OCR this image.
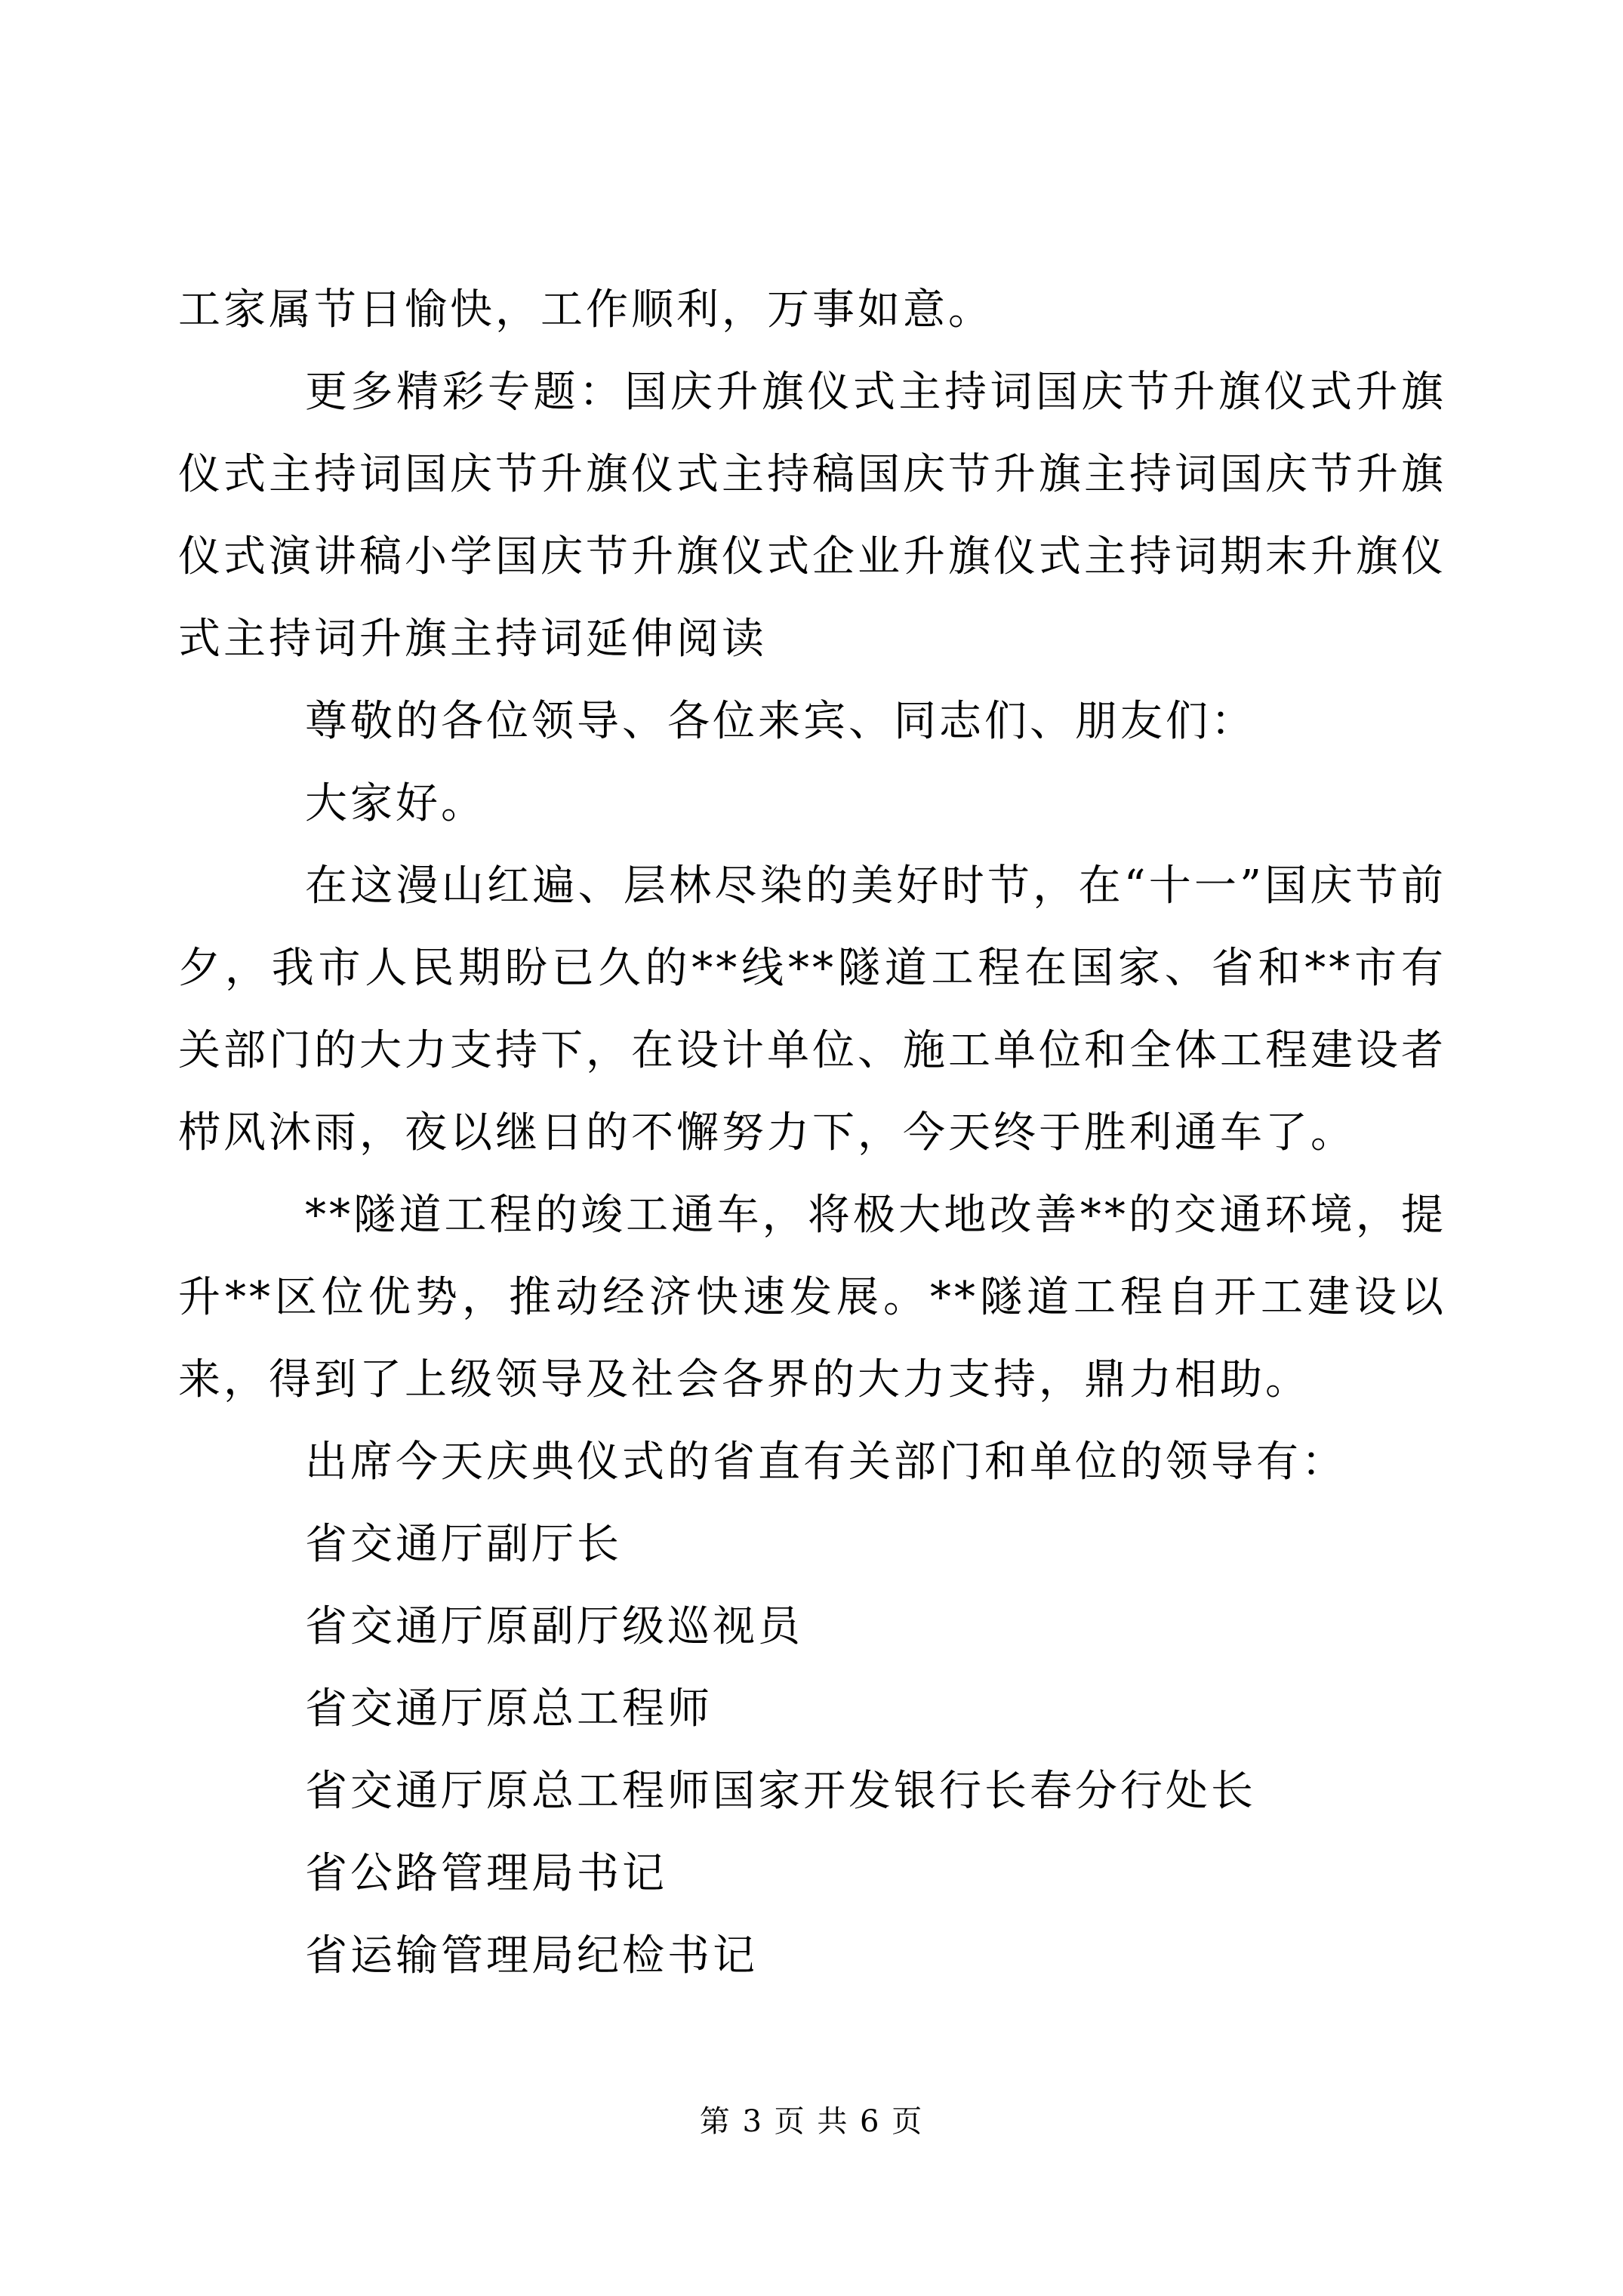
工家属节日愉快，工作顺利，万事如意。

更多精彩专题：国庆升旗仪式主持词国庆节升旗仪式升旗仪式主持词国庆节升旗仪式主持稿国庆节升旗主持词国庆节升旗仪式演讲稿小学国庆节升旗仪式企业升旗仪式主持词期末升旗仪式主持词升旗主持词延伸阅读

尊敬的各位领导、各位来宾、同志们、朋友们：

大家好。

在这漫山红遍、层林尽染的美好时节，在“十一”国庆节前夕，我市人民期盼已久的**线**隧道工程在国家、省和**市有关部门的大力支持下，在设计单位、施工单位和全体工程建设者栉风沐雨，夜以继日的不懈努力下，今天终于胜利通车了。

**隧道工程的竣工通车，将极大地改善**的交通环境，提升**区位优势，推动经济快速发展。**隧道工程自开工建设以来，得到了上级领导及社会各界的大力支持，鼎力相助。

出席今天庆典仪式的省直有关部门和单位的领导有：

省交通厅副厅长

省交通厅原副厅级巡视员

省交通厅原总工程师

省交通厅原总工程师国家开发银行长春分行处长

省公路管理局书记

省运输管理局纪检书记

第 3 页 共 6 页
